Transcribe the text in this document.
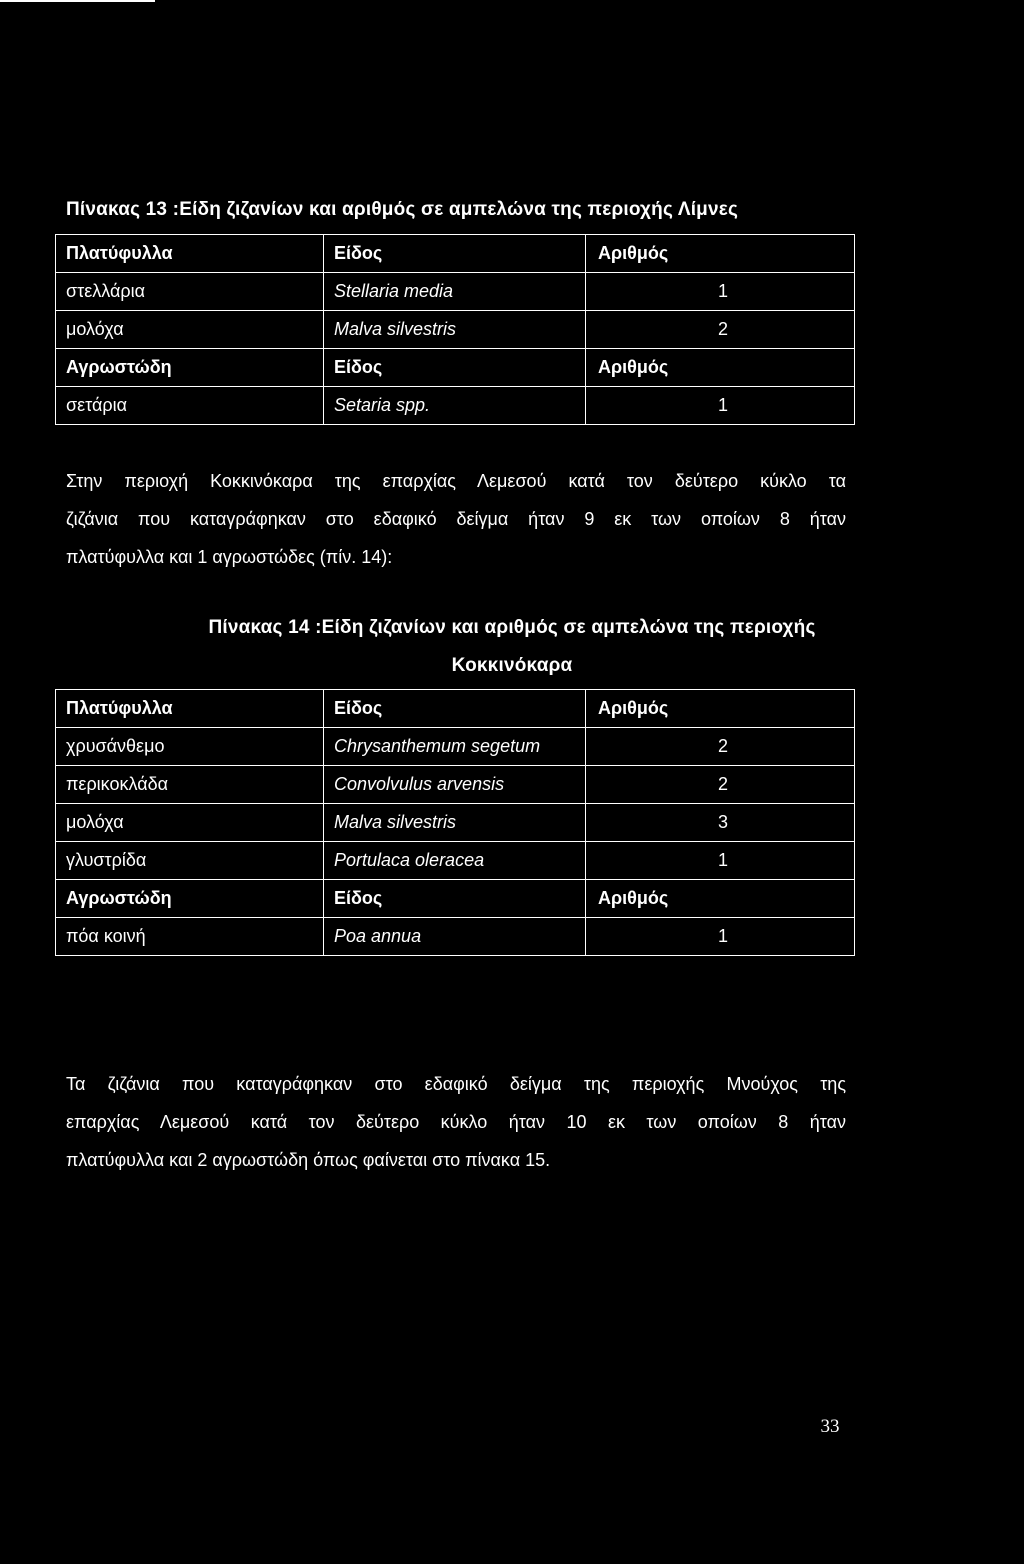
Πίνακας 13 :Είδη ζιζανίων και αριθμός σε αμπελώνα της περιοχής Λίμνες
Πλατύφυλλα	Είδος	Αριθμός
στελλάρια	Stellaria media	1
μολόχα	Malva silvestris	2
Αγρωστώδη	Είδος	Αριθμός
σετάρια	Setaria spp.	1
Στην περιοχή Κοκκινόκαρα της επαρχίας Λεμεσού κατά τον δεύτερο κύκλο τα
ζιζάνια που καταγράφηκαν στο εδαφικό δείγμα ήταν 9 εκ των οποίων 8 ήταν
πλατύφυλλα και 1 αγρωστώδες (πίν. 14):
Πίνακας 14 :Είδη ζιζανίων και αριθμός σε αμπελώνα της περιοχής
Κοκκινόκαρα
Πλατύφυλλα	Είδος	Αριθμός
χρυσάνθεμο	Chrysanthemum segetum	2
περικοκλάδα	Convolvulus arvensis	2
μολόχα	Malva silvestris	3
γλυστρίδα	Portulaca oleracea	1
Αγρωστώδη	Είδος	Αριθμός
πόα κοινή	Poa annua	1
Τα ζιζάνια που καταγράφηκαν στο εδαφικό δείγμα της περιοχής Μνούχος της
επαρχίας Λεμεσού κατά τον δεύτερο κύκλο ήταν 10 εκ των οποίων 8 ήταν
πλατύφυλλα και 2 αγρωστώδη όπως φαίνεται στο πίνακα 15.
33
